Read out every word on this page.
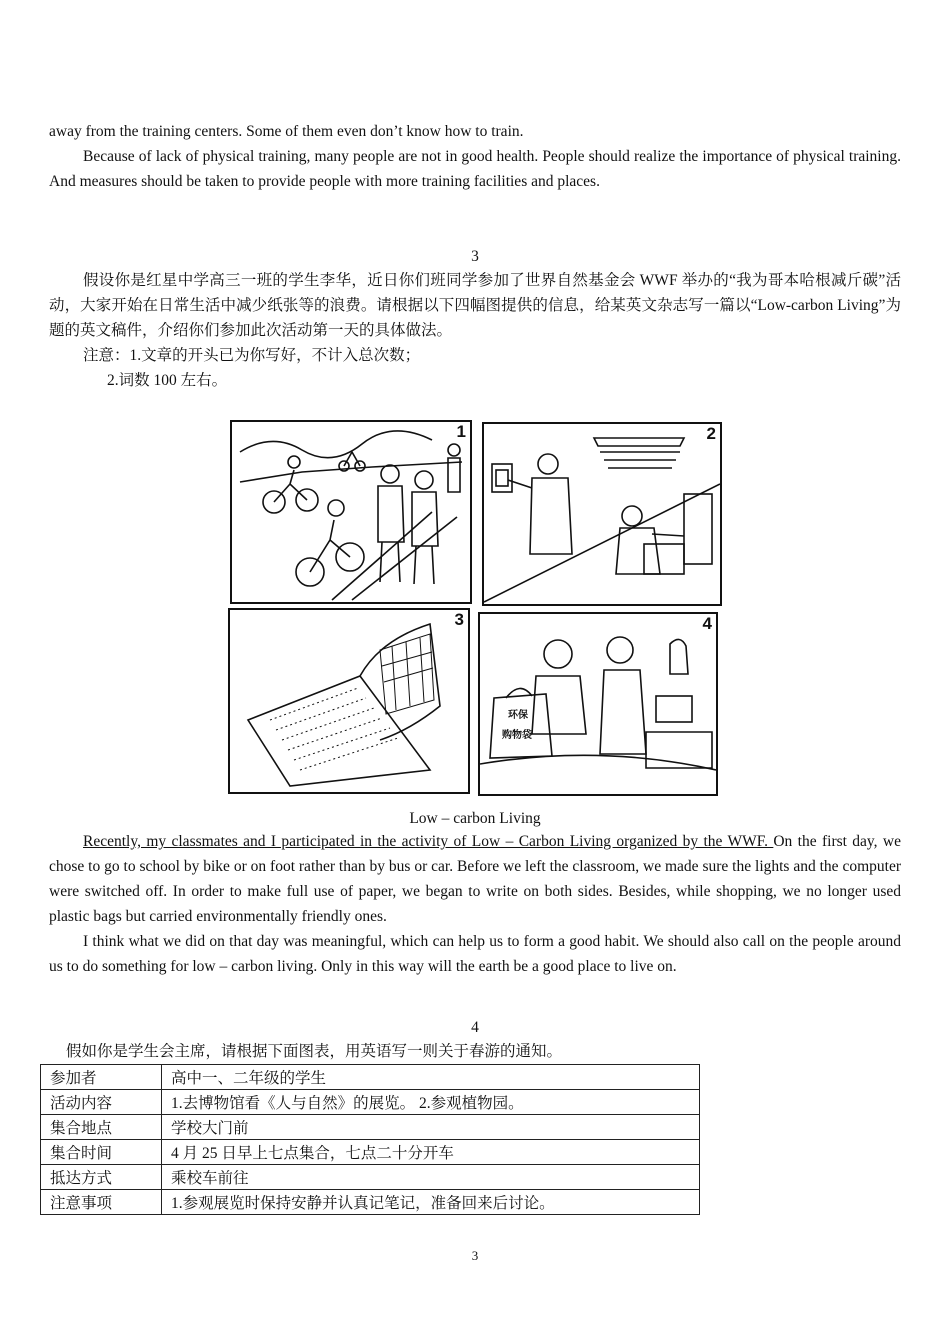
away from the training centers. Some of them even don’t know how to train.
Because of lack of physical training, many people are not in good health. People should realize the importance of physical training. And measures should be taken to provide people with more training facilities and places.
3
假设你是红星中学高三一班的学生李华，近日你们班同学参加了世界自然基金会 WWF 举办的“我为哥本哈根减斤碳”活动，大家开始在日常生活中减少纸张等的浪费。请根据以下四幅图提供的信息，给某英文杂志写一篇以“Low-carbon Living”为题的英文稿件，介绍你们参加此次活动第一天的具体做法。
注意：1.文章的开头已为你写好，不计入总次数；
2.词数 100 左右。
1	2
3	4
环保
购物袋
Low – carbon Living
Recently, my classmates and I participated in the activity of Low – Carbon Living organized by the WWF. On the first day, we chose to go to school by bike or on foot rather than by bus or car. Before we left the classroom, we made sure the lights and the computer were switched off. In order to make full use of paper, we began to write on both sides. Besides, while shopping, we no longer used plastic bags but carried environmentally friendly ones.
I think what we did on that day was meaningful, which can help us to form a good habit. We should also call on the people around us to do something for low – carbon living. Only in this way will the earth be a good place to live on.
4
假如你是学生会主席，请根据下面图表，用英语写一则关于春游的通知。
参加者	高中一、二年级的学生
活动内容	1.去博物馆看《人与自然》的展览。 2.参观植物园。
集合地点	学校大门前
集合时间	4 月 25 日早上七点集合，七点二十分开车
抵达方式	乘校车前往
注意事项	1.参观展览时保持安静并认真记笔记，准备回来后讨论。
3
